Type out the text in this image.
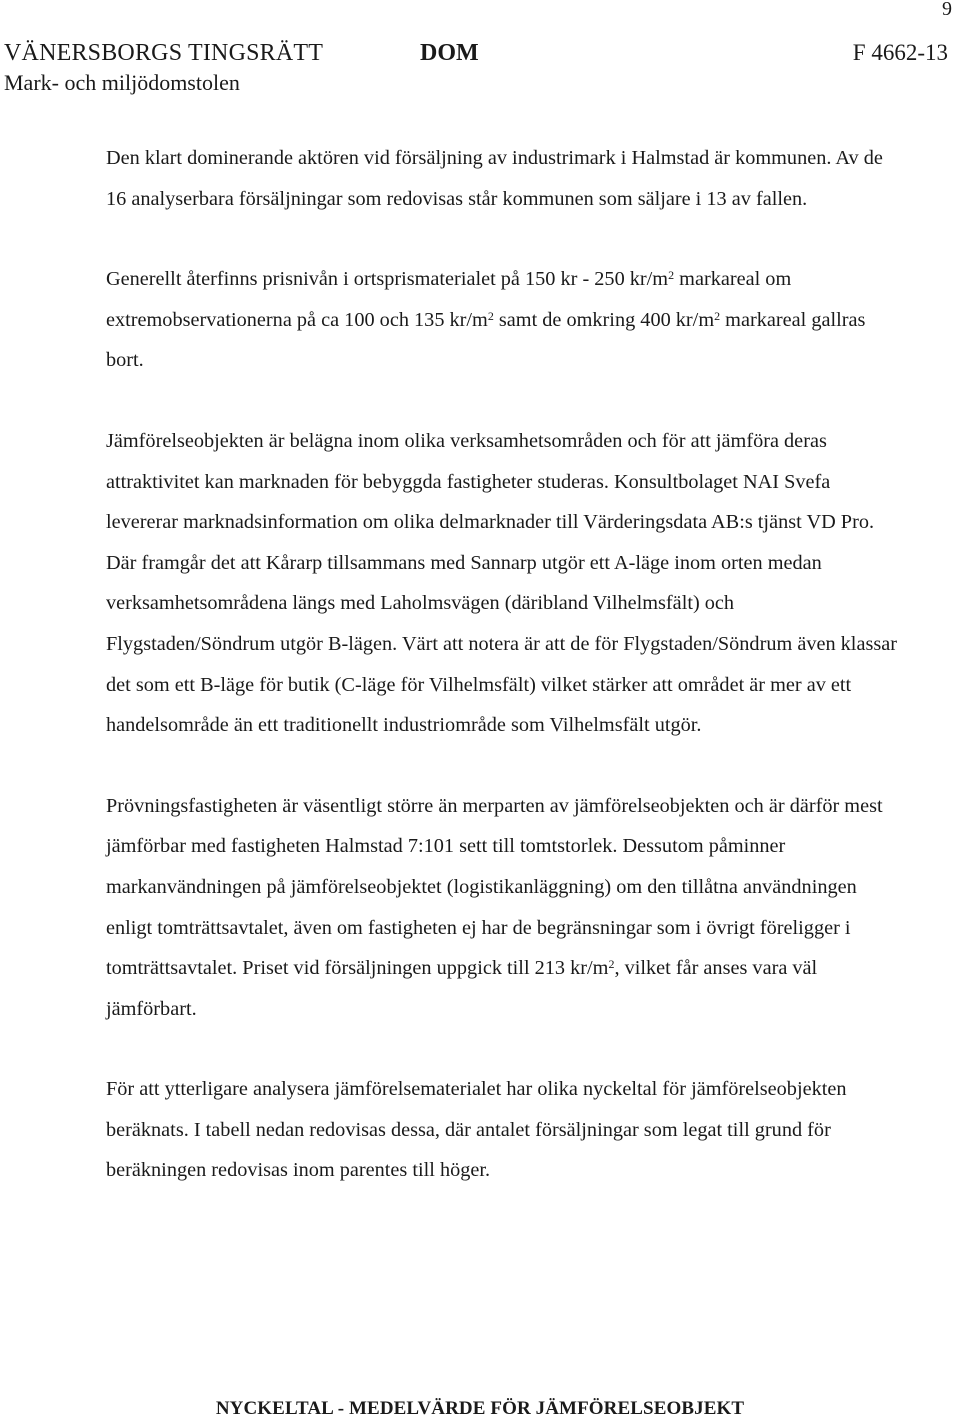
9
VÄNERSBORGS TINGSRÄTT
Mark- och miljödomstolen
DOM	F 4662-13

Den klart dominerande aktören vid försäljning av industrimark i Halmstad är kommunen. Av de 16 analyserbara försäljningar som redovisas står kommunen som säljare i 13 av fallen.

Generellt återfinns prisnivån i ortsprismaterialet på 150 kr - 250 $kr/m^2$ markareal om extremobservationerna på ca 100 och 135 $kr/m^2$ samt de omkring 400 $kr/m^2$ markareal gallras bort.

Jämförelseobjekten är belägna inom olika verksamhetsområden och för att jämföra deras attraktivitet kan marknaden för bebyggda fastigheter studeras. Konsultbolaget NAI Svefa levererar marknadsinformation om olika delmarknader till Värderingsdata AB:s tjänst VD Pro. Där framgår det att Kårarp tillsammans med Sannarp utgör ett A-läge inom orten medan verksamhetsområdena längs med Laholmsvägen (däribland Vilhelmsfält) och Flygstaden/Söndrum utgör B-lägen. Värt att notera är att de för Flygstaden/Söndrum även klassar det som ett B-läge för butik (C-läge för Vilhelmsfält) vilket stärker att området är mer av ett handelsområde än ett traditionellt industriområde som Vilhelmsfält utgör.

Prövningsfastigheten är väsentligt större än merparten av jämförelseobjekten och är därför mest jämförbar med fastigheten Halmstad 7:101 sett till tomtstorlek. Dessutom påminner markanvändningen på jämförelseobjektet (logistikanläggning) om den tillåtna användningen enligt tomträttsavtalet, även om fastigheten ej har de begränsningar som i övrigt föreligger i tomträttsavtalet. Priset vid försäljningen uppgick till 213 $kr/m^2$, vilket får anses vara väl jämförbart.

För att ytterligare analysera jämförelsematerialet har olika nyckeltal för jämförelseobjekten beräknats. I tabell nedan redovisas dessa, där antalet försäljningar som legat till grund för beräkningen redovisas inom parentes till höger.

NYCKELTAL - MEDELVÄRDE FÖR JÄMFÖRELSEOBJEKT
